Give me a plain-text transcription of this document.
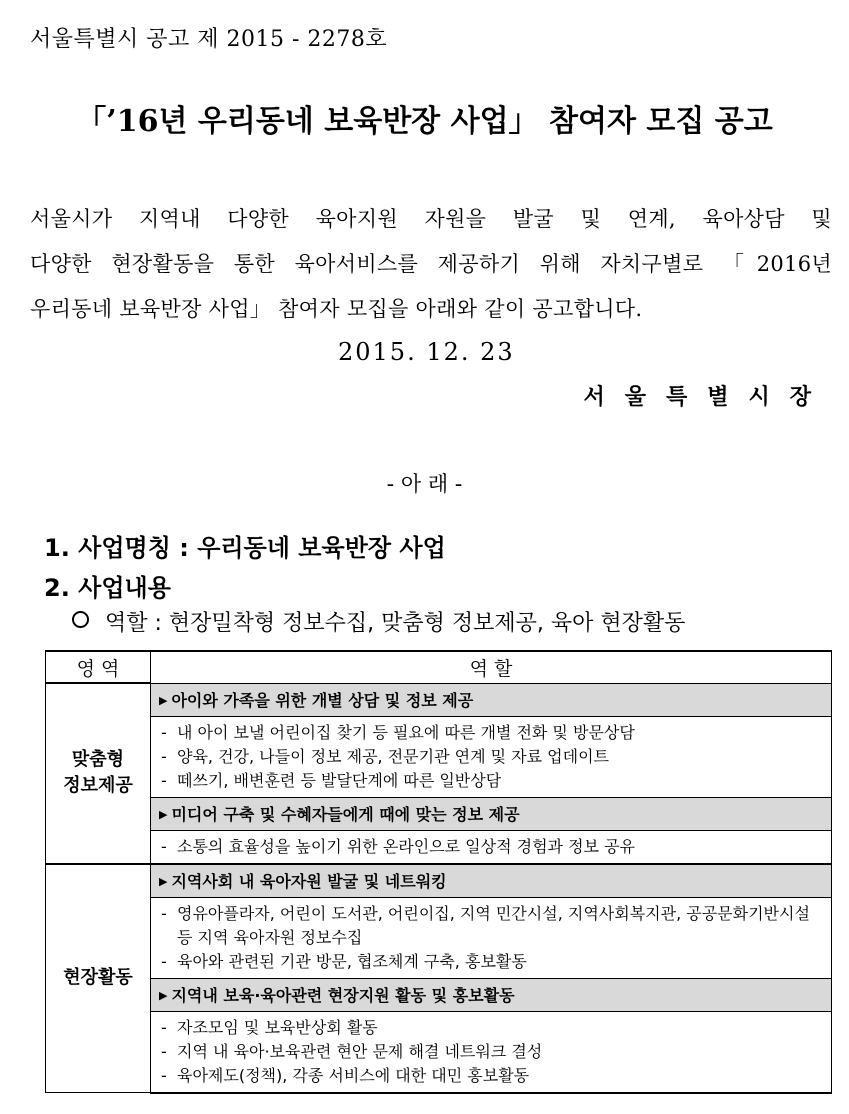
서울특별시 공고 제 2015 - 2278호
「’16년 우리동네 보육반장 사업」 참여자 모집 공고
서울시가 지역내 다양한 육아지원 자원을 발굴 및 연계, 육아상담 및
다양한 현장활동을 통한 육아서비스를 제공하기 위해 자치구별로 「2016년
우리동네 보육반장 사업」 참여자 모집을 아래와 같이 공고합니다.
2015. 12. 23
서울특별시장
- 아 래 -
1. 사업명칭 : 우리동네 보육반장 사업
2. 사업내용
역할 : 현장밀착형 정보수집, 맞춤형 정보제공, 육아 현장활동
영 역	역 할

맞춤형
정보제공	▶ 아이와 가족을 위한 개별 상담 및 정보 제공

	- 내 아이 보낼 어린이집 찾기 등 필요에 따른 개별 전화 및 방문상담
- 양육, 건강, 나들이 정보 제공, 전문기관 연계 및 자료 업데이트
- 떼쓰기, 배변훈련 등 발달단계에 따른 일반상담

	▶ 미디어 구축 및 수혜자들에게 때에 맞는 정보 제공

	- 소통의 효율성을 높이기 위한 온라인으로 일상적 경험과 정보 공유

현장활동	▶ 지역사회 내 육아자원 발굴 및 네트워킹

	- 영유아플라자, 어린이 도서관, 어린이집, 지역 민간시설, 지역사회복지관, 공공문화기반시설 등 지역 육아자원 정보수집
- 육아와 관련된 기관 방문, 협조체계 구축, 홍보활동

	▶ 지역내 보육·육아관련 현장지원 활동 및 홍보활동

	- 자조모임 및 보육반상회 활동
- 지역 내 육아·보육관련 현안 문제 해결 네트워크 결성
- 육아제도(정책), 각종 서비스에 대한 대민 홍보활동
